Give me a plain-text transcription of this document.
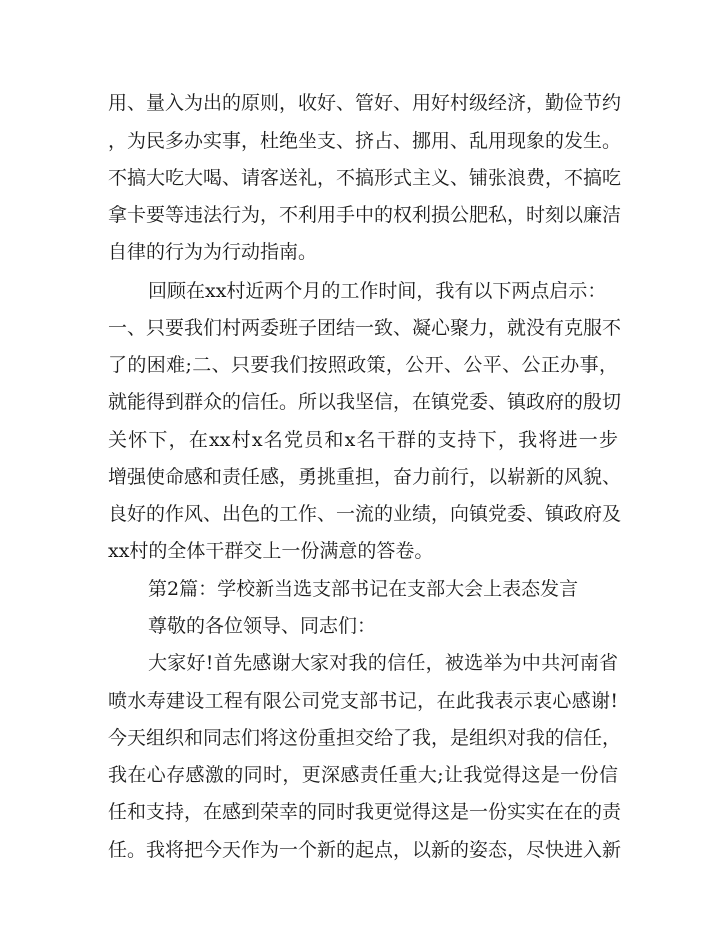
用、量入为出的原则，收好、管好、用好村级经济，勤俭节约
，为民多办实事，杜绝坐支、挤占、挪用、乱用现象的发生。
不搞大吃大喝、请客送礼，不搞形式主义、铺张浪费，不搞吃
拿卡要等违法行为，不利用手中的权利损公肥私，时刻以廉洁
自律的行为为行动指南。
回顾在xx村近两个月的工作时间，我有以下两点启示：
一、只要我们村两委班子团结一致、凝心聚力，就没有克服不
了的困难;二、只要我们按照政策，公开、公平、公正办事，
就能得到群众的信任。所以我坚信，在镇党委、镇政府的殷切
关怀下，在xx村x名党员和x名干群的支持下，我将进一步
增强使命感和责任感，勇挑重担，奋力前行，以崭新的风貌、
良好的作风、出色的工作、一流的业绩，向镇党委、镇政府及
xx村的全体干群交上一份满意的答卷。
第2篇：学校新当选支部书记在支部大会上表态发言
尊敬的各位领导、同志们：
大家好!首先感谢大家对我的信任，被选举为中共河南省
喷水寿建设工程有限公司党支部书记，在此我表示衷心感谢!
今天组织和同志们将这份重担交给了我，是组织对我的信任，
我在心存感激的同时，更深感责任重大;让我觉得这是一份信
任和支持，在感到荣幸的同时我更觉得这是一份实实在在的责
任。我将把今天作为一个新的起点，以新的姿态，尽快进入新
